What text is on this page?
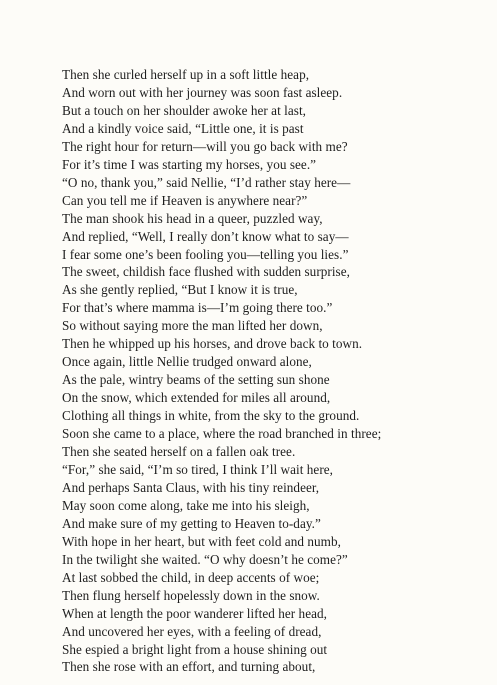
Then she curled herself up in a soft little heap,
And worn out with her journey was soon fast asleep.
But a touch on her shoulder awoke her at last,
And a kindly voice said, “Little one, it is past
The right hour for return—will you go back with me?
For it’s time I was starting my horses, you see.”
“O no, thank you,” said Nellie, “I’d rather stay here—
Can you tell me if Heaven is anywhere near?”
The man shook his head in a queer, puzzled way,
And replied, “Well, I really don’t know what to say—
I fear some one’s been fooling you—telling you lies.”
The sweet, childish face flushed with sudden surprise,
As she gently replied, “But I know it is true,
For that’s where mamma is—I’m going there too.”
So without saying more the man lifted her down,
Then he whipped up his horses, and drove back to town.
Once again, little Nellie trudged onward alone,
As the pale, wintry beams of the setting sun shone
On the snow, which extended for miles all around,
Clothing all things in white, from the sky to the ground.
Soon she came to a place, where the road branched in three;
Then she seated herself on a fallen oak tree.
“For,” she said, “I’m so tired, I think I’ll wait here,
And perhaps Santa Claus, with his tiny reindeer,
May soon come along, take me into his sleigh,
And make sure of my getting to Heaven to-day.”
With hope in her heart, but with feet cold and numb,
In the twilight she waited. “O why doesn’t he come?”
At last sobbed the child, in deep accents of woe;
Then flung herself hopelessly down in the snow.
When at length the poor wanderer lifted her head,
And uncovered her eyes, with a feeling of dread,
She espied a bright light from a house shining out
Then she rose with an effort, and turning about,
